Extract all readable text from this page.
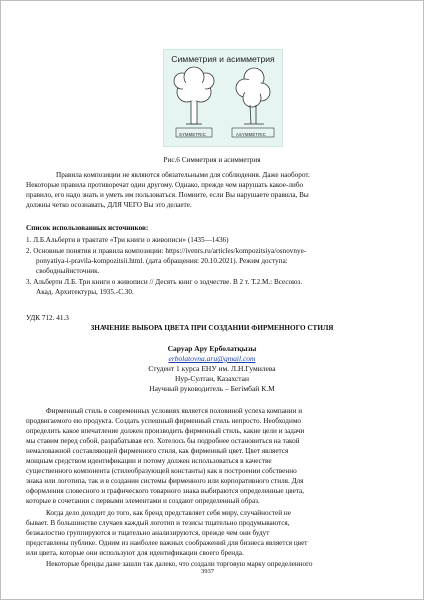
Симметрия и асимметрия
SYMMETRIC	ASYMMETRIC
Рис.6 Симметрия и асимметрия
Правила композиции не являются обязательными для соблюдения. Даже наоборот.
Некоторые правила противоречат один другому. Однако, прежде чем нарушать какое-либо
правило, его надо знать и уметь им пользоваться. Помните, если Вы нарушаете правила, Вы
должны четко осознавать, ДЛЯ ЧЕГО Вы это делаете.
Список использованных источников:
1. Л.Б.Альберти в трактате «Три книги о живописи» (1435—1436)
2. Основные понятия и правила композиции: https://ivenrs.ru/articles/kompozitsiya/osnovnye-
ponyatiya-i-pravila-kompozitsii.html. (дата обращения: 20.10.2021). Режим доступа:
свободныйисточник.
3. Альберти Л.Б. Три книги о живописи // Десять книг о зодчестве. В 2 т. Т.2.М.: Всесоюз.
Акад. Архитектуры, 1935.-С.30.
УДК 712. 41.3
ЗНАЧЕНИЕ ВЫБОРА ЦВЕТА ПРИ СОЗДАНИИ ФИРМЕННОГО СТИЛЯ
Саруар Ару Ерболатқызы
erbolatovna.aru@gmail.com
Студент 1 курса ЕНУ им. Л.Н.Гумилева
Нур-Султан, Казахстан
Научный руководитель – Бегімбай К.М
Фирменный стиль в современных условиях является половиной успеха компании и
продвигаемого ею продукта. Создать успешный фирменный стиль непросто. Необходимо
определить какое впечатление должен производить фирменный стиль, какие цели и задачи
мы ставим перед собой, разрабатывая его. Хотелось бы подробнее остановиться на такой
немаловажной составляющей фирменного стиля, как фирменный цвет. Цвет является
мощным средством идентификации и потому должен использоваться в качестве
существенного компонента (стилеобразующей константы) как в построении собственно
знака или логотипа, так и в создании системы фирменного или корпоративного стиля. Для
оформления словесного и графического товарного знака выбираются определенные цвета,
которые в сочетании с первыми элементами и создают определенный образ.
Когда дело доходит до того, как бренд представляет себя миру, случайностей не
бывает. В большинстве случаев каждый логотип и тезисы тщательно продумываются,
безжалостно группируются и тщательно анализируются, прежде чем они будут
представлены публике. Одним из наиболее важных соображений для бизнеса является цвет
или цвета, которые они используют для идентификации своего бренда.
Некоторые бренды даже зашли так далеко, что создали торговую марку определенного
3937
